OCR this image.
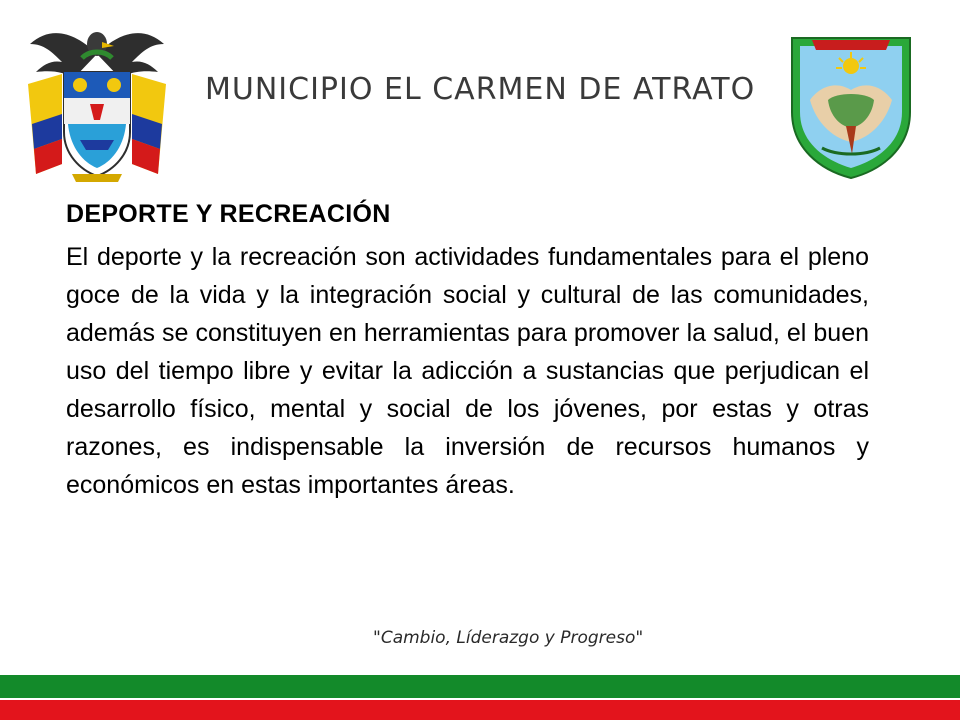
MUNICIPIO EL CARMEN DE ATRATO
DEPORTE Y RECREACIÓN
El deporte y la recreación son actividades fundamentales para el pleno goce de la vida y la integración social y cultural de las comunidades, además se constituyen en herramientas para promover la salud, el buen uso del tiempo libre y evitar la adicción a sustancias que perjudican el desarrollo físico, mental y social de los jóvenes, por estas y otras razones, es indispensable la inversión de recursos humanos y económicos en estas importantes áreas.
"Cambio, Líderazgo y Progreso"
